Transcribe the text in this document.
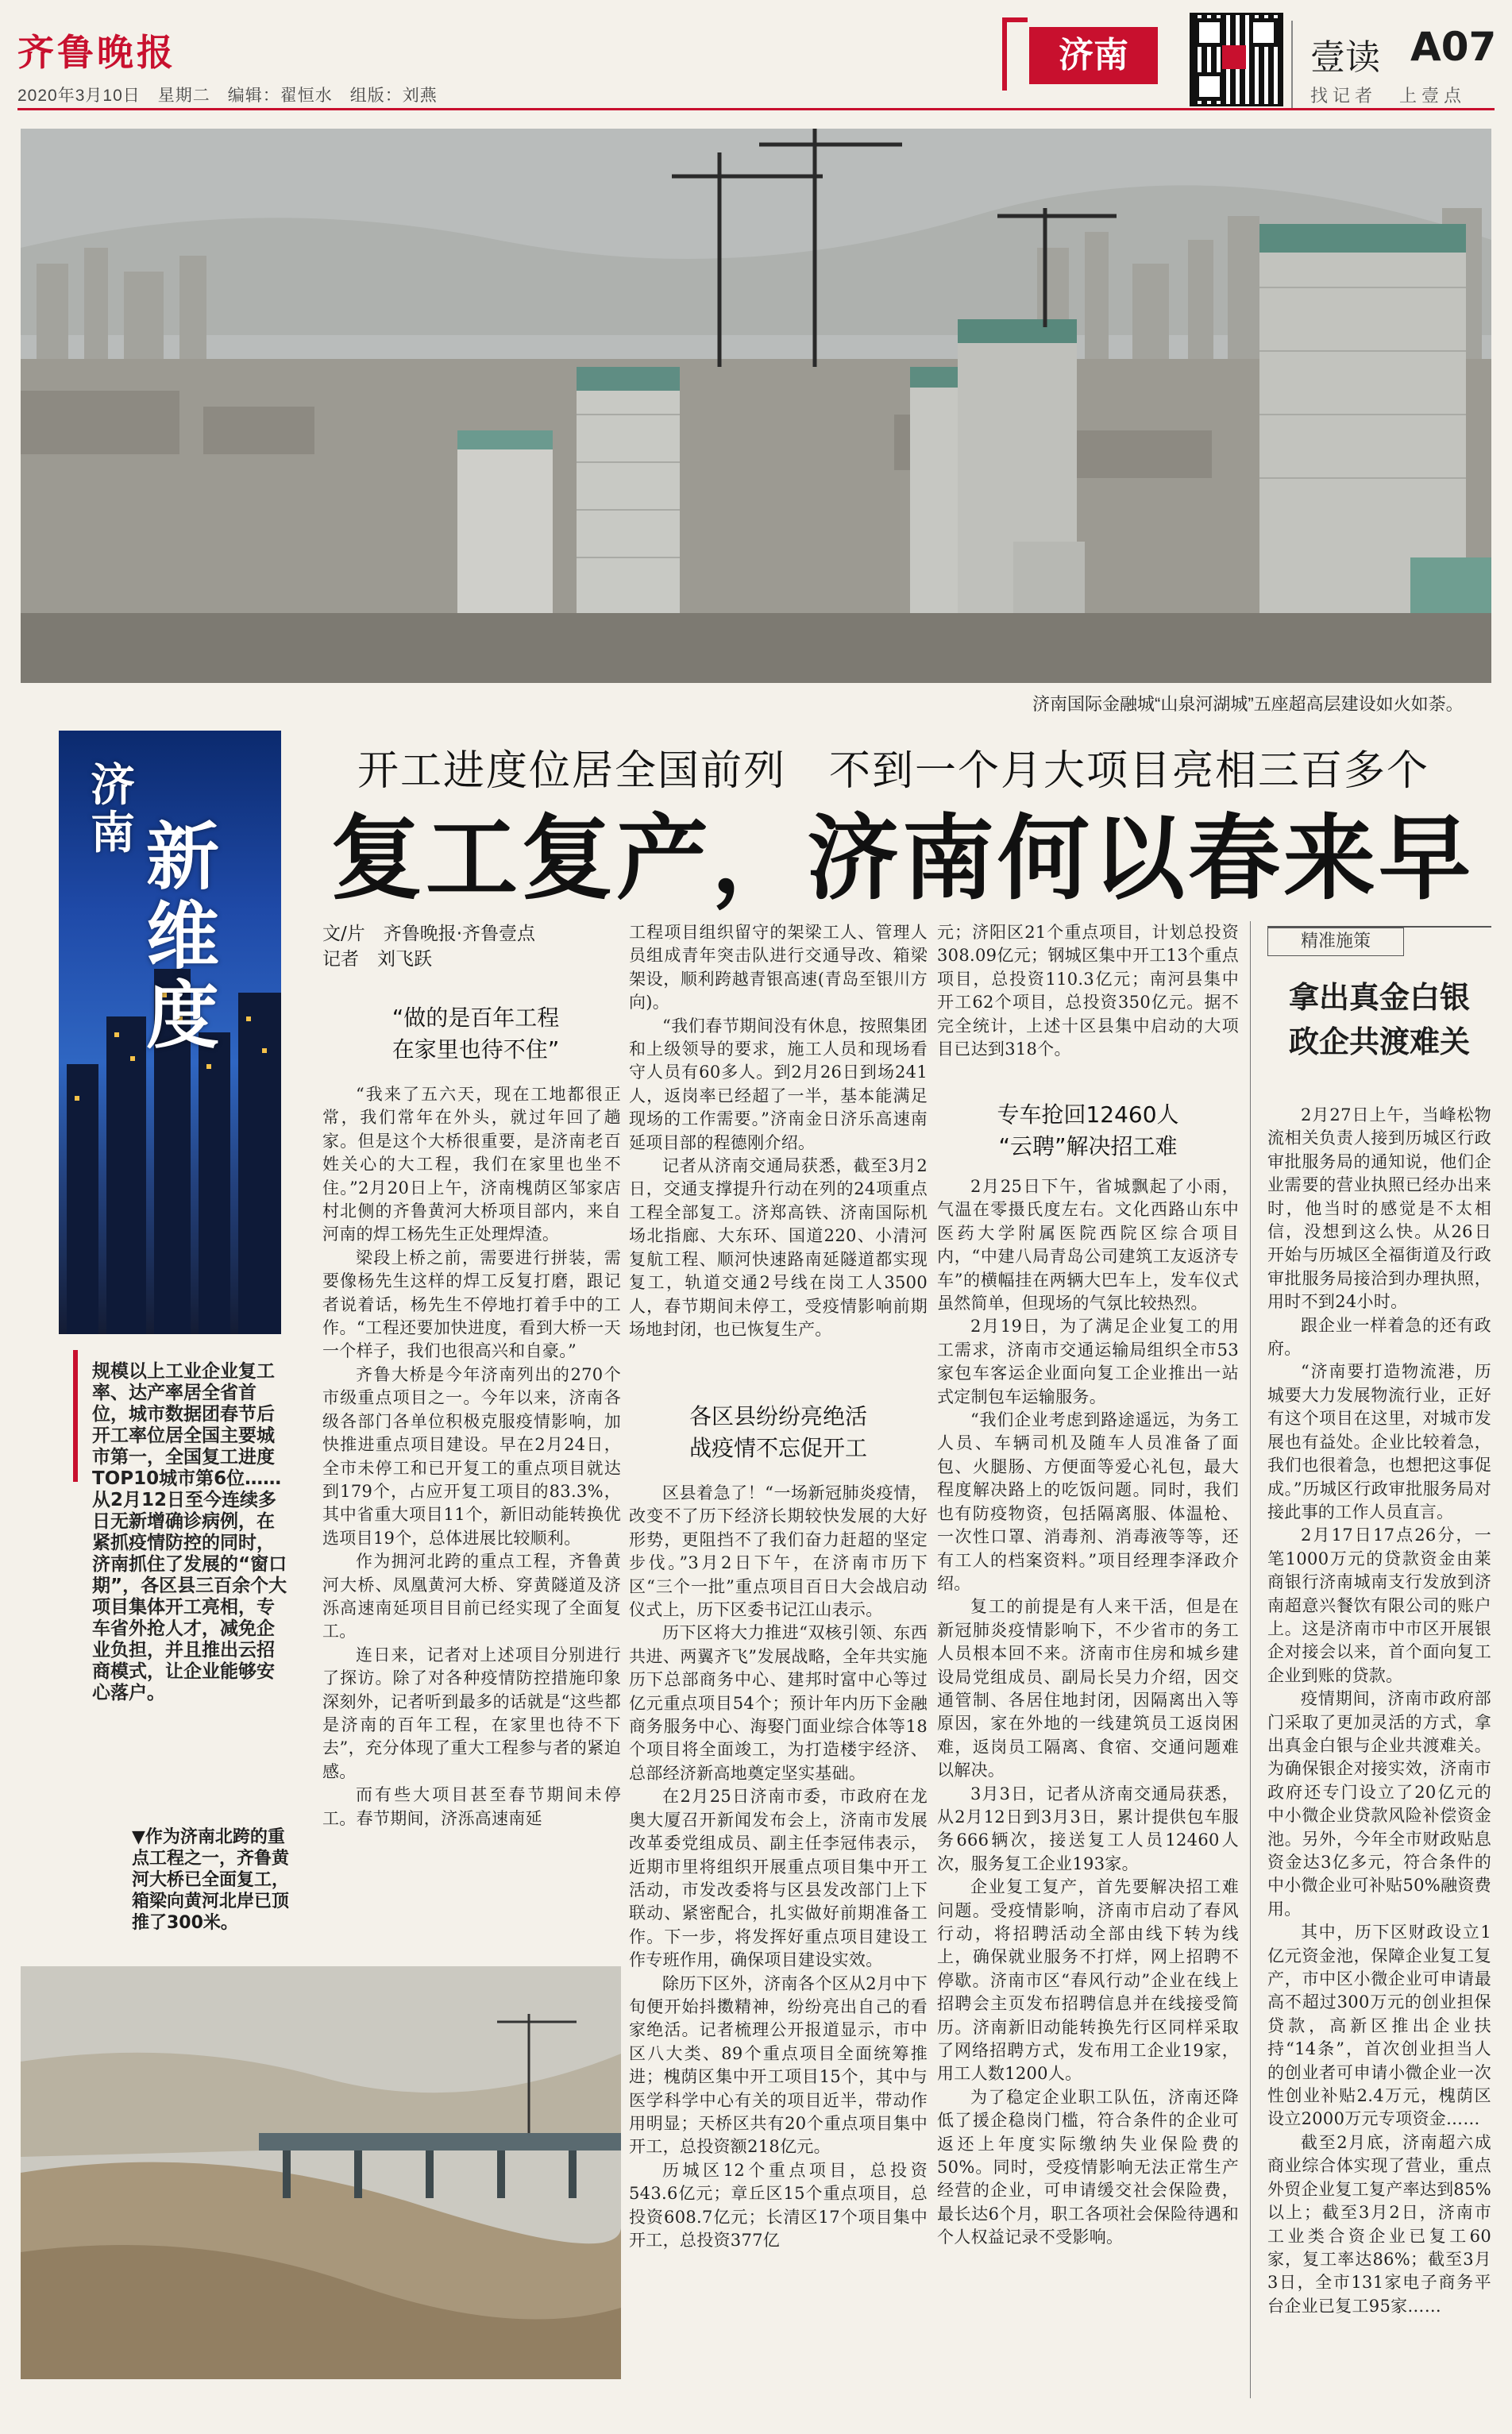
齐鲁晚报
2020年3月10日　星期二　编辑：翟恒水　组版：刘燕
济南	壹读 A07
找记者　上壹点
济南国际金融城“山泉河湖城”五座超高层建设如火如荼。
济南 新维度
规模以上工业企业复工率、达产率居全省首位，城市数据团春节后开工率位居全国主要城市第一，全国复工进度TOP10城市第6位……从2月12日至今连续多日无新增确诊病例，在紧抓疫情防控的同时，济南抓住了发展的“窗口期”，各区县三百余个大项目集体开工亮相，专车省外抢人才，减免企业负担，并且推出云招商模式，让企业能够安心落户。
▼作为济南北跨的重点工程之一，齐鲁黄河大桥已全面复工，箱梁向黄河北岸已顶推了300米。
开工进度位居全国前列　不到一个月大项目亮相三百多个
复工复产，济南何以春来早
文/片　齐鲁晚报·齐鲁壹点
记者　刘飞跃
“做的是百年工程
在家里也待不住”

“我来了五六天，现在工地都很正常，我们常年在外头，就过年回了趟家。但是这个大桥很重要，是济南老百姓关心的大工程，我们在家里也坐不住。”2月20日上午，济南槐荫区邹家店村北侧的齐鲁黄河大桥项目部内，来自河南的焊工杨先生正处理焊渣。

梁段上桥之前，需要进行拼装，需要像杨先生这样的焊工反复打磨，跟记者说着话，杨先生不停地打着手中的工作。“工程还要加快进度，看到大桥一天一个样子，我们也很高兴和自豪。”

齐鲁大桥是今年济南列出的270个市级重点项目之一。今年以来，济南各级各部门各单位积极克服疫情影响，加快推进重点项目建设。早在2月24日，全市未停工和已开复工的重点项目就达到179个，占应开复工项目的83.3%，其中省重大项目11个，新旧动能转换优选项目19个，总体进展比较顺利。

作为拥河北跨的重点工程，齐鲁黄河大桥、凤凰黄河大桥、穿黄隧道及济泺高速南延项目目前已经实现了全面复工。

连日来，记者对上述项目分别进行了探访。除了对各种疫情防控措施印象深刻外，记者听到最多的话就是“这些都是济南的百年工程，在家里也待不下去”，充分体现了重大工程参与者的紧迫感。

而有些大项目甚至春节期间未停工。春节期间，济泺高速南延

工程项目组织留守的架梁工人、管理人员组成青年突击队进行交通导改、箱梁架设，顺利跨越青银高速(青岛至银川方向)。

“我们春节期间没有休息，按照集团和上级领导的要求，施工人员和现场看守人员有60多人。到2月26日到场241人，返岗率已经超了一半，基本能满足现场的工作需要。”济南金日济乐高速南延项目部的程德刚介绍。

记者从济南交通局获悉，截至3月2日，交通支撑提升行动在列的24项重点工程全部复工。济郑高铁、济南国际机场北指廊、大东环、国道220、小清河复航工程、顺河快速路南延隧道都实现复工，轨道交通2号线在岗工人3500人，春节期间未停工，受疫情影响前期场地封闭，也已恢复生产。

各区县纷纷亮绝活
战疫情不忘促开工

区县着急了！“一场新冠肺炎疫情，改变不了历下经济长期较快发展的大好形势，更阻挡不了我们奋力赶超的坚定步伐。”3月2日下午，在济南市历下区“三个一批”重点项目百日大会战启动仪式上，历下区委书记江山表示。

历下区将大力推进“双核引领、东西共进、两翼齐飞”发展战略，全年共实施历下总部商务中心、建邦时富中心等过亿元重点项目54个；预计年内历下金融商务服务中心、海娶门面业综合体等18个项目将全面竣工，为打造楼宇经济、总部经济新高地奠定坚实基础。

在2月25日济南市委，市政府在龙奥大厦召开新闻发布会上，济南市发展改革委党组成员、副主任李冠伟表示，近期市里将组织开展重点项目集中开工活动，市发改委将与区县发改部门上下联动、紧密配合，扎实做好前期准备工作。下一步，将发挥好重点项目建设工作专班作用，确保项目建设实效。

除历下区外，济南各个区从2月中下旬便开始抖擞精神，纷纷亮出自己的看家绝活。记者梳理公开报道显示，市中区八大类、89个重点项目全面统筹推进；槐荫区集中开工项目15个，其中与医学科学中心有关的项目近半，带动作用明显；天桥区共有20个重点项目集中开工，总投资额218亿元。

历城区12个重点项目，总投资543.6亿元；章丘区15个重点项目，总投资608.7亿元；长清区17个项目集中开工，总投资377亿

元；济阳区21个重点项目，计划总投资308.09亿元；钢城区集中开工13个重点项目，总投资110.3亿元；南河县集中开工62个项目，总投资350亿元。据不完全统计，上述十区县集中启动的大项目已达到318个。

专车抢回12460人
“云聘”解决招工难

2月25日下午，省城飘起了小雨，气温在零摄氏度左右。文化西路山东中医药大学附属医院西院区综合项目内，“中建八局青岛公司建筑工友返济专车”的横幅挂在两辆大巴车上，发车仪式虽然简单，但现场的气氛比较热烈。

2月19日，为了满足企业复工的用工需求，济南市交通运输局组织全市53家包车客运企业面向复工企业推出一站式定制包车运输服务。

“我们企业考虑到路途遥远，为务工人员、车辆司机及随车人员准备了面包、火腿肠、方便面等爱心礼包，最大程度解决路上的吃饭问题。同时，我们也有防疫物资，包括隔离服、体温枪、一次性口罩、消毒剂、消毒液等等，还有工人的档案资料。”项目经理李泽政介绍。

复工的前提是有人来干活，但是在新冠肺炎疫情影响下，不少省市的务工人员根本回不来。济南市住房和城乡建设局党组成员、副局长吴力介绍，因交通管制、各居住地封闭，因隔离出入等原因，家在外地的一线建筑员工返岗困难，返岗员工隔离、食宿、交通问题难以解决。

3月3日，记者从济南交通局获悉，从2月12日到3月3日，累计提供包车服务666辆次，接送复工人员12460人次，服务复工企业193家。

企业复工复产，首先要解决招工难问题。受疫情影响，济南市启动了春风行动，将招聘活动全部由线下转为线上，确保就业服务不打烊，网上招聘不停歇。济南市区“春风行动”企业在线上招聘会主页发布招聘信息并在线接受简历。济南新旧动能转换先行区同样采取了网络招聘方式，发布用工企业19家，用工人数1200人。

为了稳定企业职工队伍，济南还降低了援企稳岗门槛，符合条件的企业可返还上年度实际缴纳失业保险费的50%。同时，受疫情影响无法正常生产经营的企业，可申请缓交社会保险费，最长达6个月，职工各项社会保险待遇和个人权益记录不受影响。

精准施策
拿出真金白银
政企共渡难关

2月27日上午，当峰松物流相关负责人接到历城区行政审批服务局的通知说，他们企业需要的营业执照已经办出来时，他当时的感觉是不太相信，没想到这么快。从26日开始与历城区全福街道及行政审批服务局接洽到办理执照，用时不到24小时。

跟企业一样着急的还有政府。

“济南要打造物流港，历城要大力发展物流行业，正好有这个项目在这里，对城市发展也有益处。企业比较着急，我们也很着急，也想把这事促成。”历城区行政审批服务局对接此事的工作人员直言。

2月17日17点26分，一笔1000万元的贷款资金由莱商银行济南城南支行发放到济南超意兴餐饮有限公司的账户上。这是济南市中市区开展银企对接会以来，首个面向复工企业到账的贷款。

疫情期间，济南市政府部门采取了更加灵活的方式，拿出真金白银与企业共渡难关。为确保银企对接实效，济南市政府还专门设立了20亿元的中小微企业贷款风险补偿资金池。另外，今年全市财政贴息资金达3亿多元，符合条件的中小微企业可补贴50%融资费用。

其中，历下区财政设立1亿元资金池，保障企业复工复产，市中区小微企业可申请最高不超过300万元的创业担保贷款，高新区推出企业扶持“14条”，首次创业担当人的创业者可申请小微企业一次性创业补贴2.4万元，槐荫区设立2000万元专项资金……

截至2月底，济南超六成商业综合体实现了营业，重点外贸企业复工复产率达到85%以上；截至3月2日，济南市工业类合资企业已复工60家，复工率达86%；截至3月3日，全市131家电子商务平台企业已复工95家……
